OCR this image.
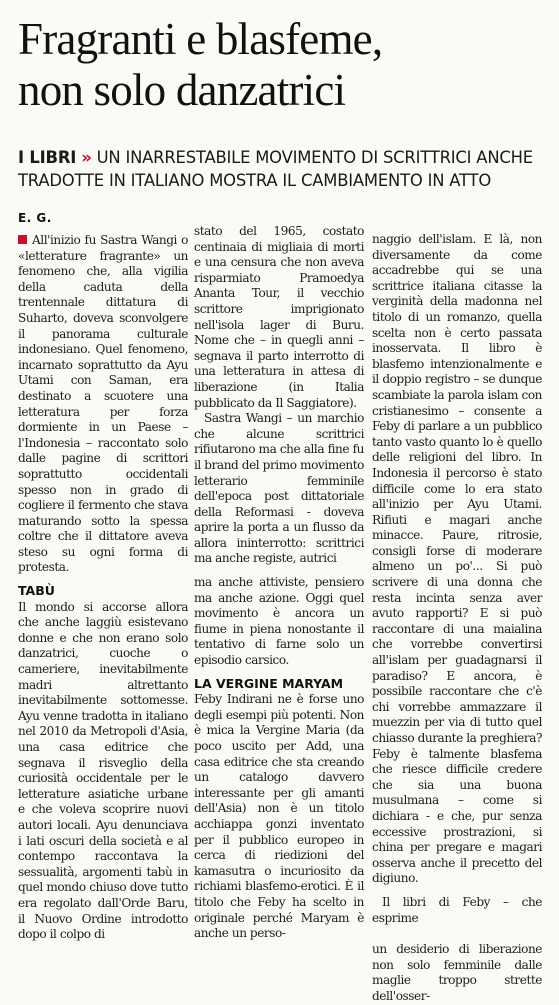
Fragranti e blasfeme,
non solo danzatrici

I LIBRI » UN INARRESTABILE MOVIMENTO DI SCRITTRICI ANCHE TRADOTTE IN ITALIANO MOSTRA IL CAMBIAMENTO IN ATTO

E. G.

All'inizio fu Sastra Wangi o «letterature fragrante» un fenomeno che, alla vigilia della caduta della trentennale dittatura di Suharto, doveva sconvolgere il panorama culturale indonesiano. Quel fenomeno, incarnato soprattutto da Ayu Utami con Saman, era destinato a scuotere una letteratura per forza dormiente in un Paese – l'Indonesia – raccontato solo dalle pagine di scrittori soprattutto occidentali spesso non in grado di cogliere il fermento che stava maturando sotto la spessa coltre che il dittatore aveva steso su ogni forma di protesta.

TABÙ

Il mondo si accorse allora che anche laggiù esistevano donne e che non erano solo danzatrici, cuoche o cameriere, inevitabilmente madri altrettanto inevitabilmente sottomesse. Ayu venne tradotta in italiano nel 2010 da Metropoli d'Asia, una casa editrice che segnava il risveglio della curiosità occidentale per le letterature asiatiche urbane e che voleva scoprire nuovi autori locali. Ayu denunciava i lati oscuri della società e al contempo raccontava la sessualità, argomenti tabù in quel mondo chiuso dove tutto era regolato dall'Orde Baru, il Nuovo Ordine introdotto dopo il colpo di

stato del 1965, costato centinaia di migliaia di morti e una censura che non aveva risparmiato Pramoedya Ananta Tour, il vecchio scrittore imprigionato nell'isola lager di Buru. Nome che – in quegli anni – segnava il parto interrotto di una letteratura in attesa di liberazione (in Italia pubblicato da Il Saggiatore).

Sastra Wangi – un marchio che alcune scrittrici rifiutarono ma che alla fine fu il brand del primo movimento letterario femminile dell'epoca post dittatoriale della Reformasi - doveva aprire la porta a un flusso da allora ininterrotto: scrittrici ma anche registe, autrici

ma anche attiviste, pensiero ma anche azione. Oggi quel movimento è ancora un fiume in piena nonostante il tentativo di farne solo un episodio carsico.

LA VERGINE MARYAM

Feby Indirani ne è forse uno degli esempi più potenti. Non è mica la Vergine Maria (da poco uscito per Add, una casa editrice che sta creando un catalogo davvero interessante per gli amanti dell'Asia) non è un titolo acchiappa gonzi inventato per il pubblico europeo in cerca di riedizioni del kamasutra o incuriosito da richiami blasfemo-erotici. È il titolo che Feby ha scelto in originale perché Maryam è anche un perso-

naggio dell'islam. E là, non diversamente da come accadrebbe qui se una scrittrice italiana citasse la verginità della madonna nel titolo di un romanzo, quella scelta non è certo passata inosservata. Il libro è blasfemo intenzionalmente e il doppio registro – se dunque scambiate la parola islam con cristianesimo – consente a Feby di parlare a un pubblico tanto vasto quanto lo è quello delle religioni del libro. In Indonesia il percorso è stato difficile come lo era stato all'inizio per Ayu Utami. Rifiuti e magari anche minacce. Paure, ritrosie, consigli forse di moderare almeno un po'... Si può scrivere di una donna che resta incinta senza aver avuto rapporti? E si può raccontare di una maialina che vorrebbe convertirsi all'islam per guadagnarsi il paradiso? E ancora, è possibile raccontare che c'è chi vorrebbe ammazzare il muezzin per via di tutto quel chiasso durante la preghiera? Feby è talmente blasfema che riesce difficile credere che sia una buona musulmana – come si dichiara - e che, pur senza eccessive prostrazioni, si china per pregare e magari osserva anche il precetto del digiuno.

Il libri di Feby – che esprime

un desiderio di liberazione non solo femminile dalle maglie troppo strette dell'osser-
